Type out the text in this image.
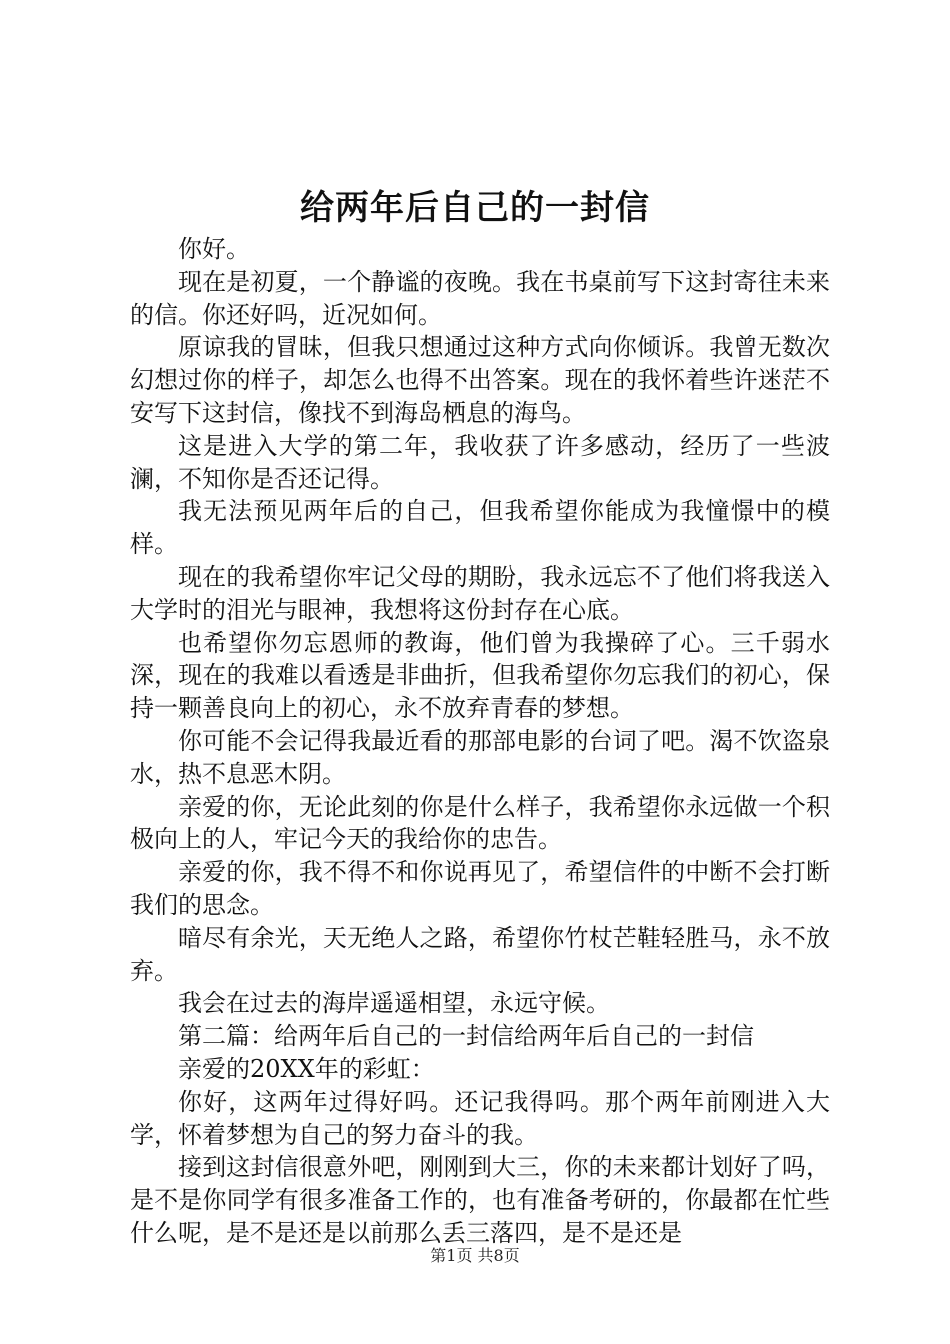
给两年后自己的一封信

你好。

现在是初夏，一个静谧的夜晚。我在书桌前写下这封寄往未来的信。你还好吗，近况如何。

原谅我的冒昧，但我只想通过这种方式向你倾诉。我曾无数次幻想过你的样子，却怎么也得不出答案。现在的我怀着些许迷茫不安写下这封信，像找不到海岛栖息的海鸟。

这是进入大学的第二年，我收获了许多感动，经历了一些波澜，不知你是否还记得。

我无法预见两年后的自己，但我希望你能成为我憧憬中的模样。

现在的我希望你牢记父母的期盼，我永远忘不了他们将我送入大学时的泪光与眼神，我想将这份封存在心底。

也希望你勿忘恩师的教诲，他们曾为我操碎了心。三千弱水深，现在的我难以看透是非曲折，但我希望你勿忘我们的初心，保持一颗善良向上的初心，永不放弃青春的梦想。

你可能不会记得我最近看的那部电影的台词了吧。渴不饮盗泉水，热不息恶木阴。

亲爱的你，无论此刻的你是什么样子，我希望你永远做一个积极向上的人，牢记今天的我给你的忠告。

亲爱的你，我不得不和你说再见了，希望信件的中断不会打断我们的思念。

暗尽有余光，天无绝人之路，希望你竹杖芒鞋轻胜马，永不放弃。

我会在过去的海岸遥遥相望，永远守候。

第二篇：给两年后自己的一封信给两年后自己的一封信

亲爱的20XX年的彩虹：

你好，这两年过得好吗。还记我得吗。那个两年前刚进入大学，怀着梦想为自己的努力奋斗的我。

接到这封信很意外吧，刚刚到大三，你的未来都计划好了吗，是不是你同学有很多准备工作的，也有准备考研的，你最都在忙些什么呢，是不是还是以前那么丢三落四，是不是还是

第1页 共8页
